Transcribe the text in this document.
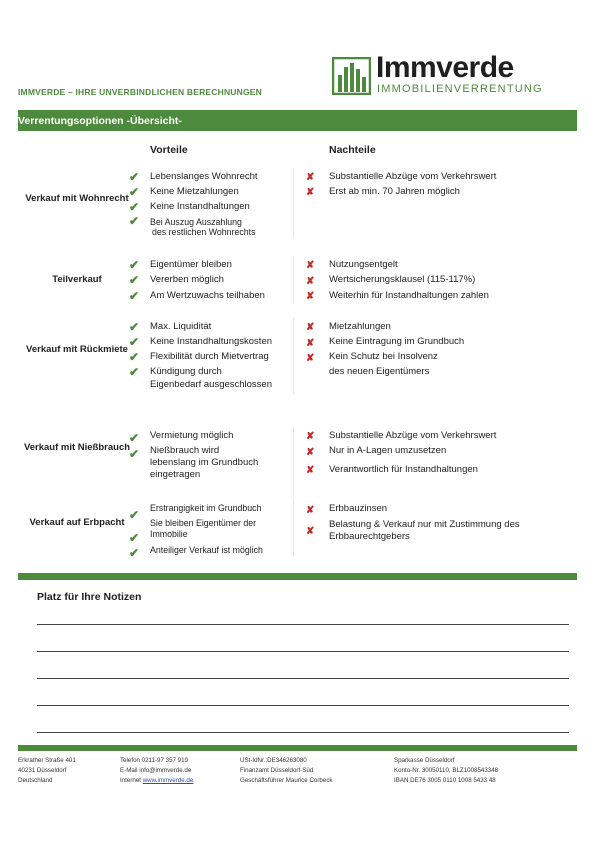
IMMVERDE – IHRE UNVERBINDLICHEN BERECHNUNGEN
Immverde
IMMOBILIENVERRENTUNG
Verrentungsoptionen -Übersicht-
Vorteile	Nachteile
Verkauf mit Wohnrecht
✔ Lebenslanges Wohnrecht
✔ Keine Mietzahlungen
✔ Keine Instandhaltungen
✔ Bei Auszug Auszahlung
des restlichen Wohnrechts
✘ Substantielle Abzüge vom Verkehrswert
✘ Erst ab min. 70 Jahren möglich
Teilverkauf
✔ Eigentümer bleiben
✔ Vererben möglich
✔ Am Wertzuwachs teilhaben
✘ Nutzungsentgelt
✘ Wertsicherungsklausel (115-117%)
✘ Weiterhin für Instandhaltungen zahlen
Verkauf mit Rückmiete
✔ Max. Liquidität
✔ Keine Instandhaltungskosten
✔ Flexibilität durch Mietvertrag
✔ Kündigung durch
Eigenbedarf ausgeschlossen
✘ Mietzahlungen
✘ Keine Eintragung im Grundbuch
✘ Kein Schutz bei Insolvenz
des neuen Eigentümers
Verkauf mit Nießbrauch
✔ Vermietung möglich
✔ Nießbrauch wird
lebenslang im Grundbuch
eingetragen
✘ Substantielle Abzüge vom Verkehrswert
✘ Nur in A-Lagen umzusetzen
✘ Verantwortlich für Instandhaltungen
Verkauf auf Erbpacht
✔ Erstrangigkeit im Grundbuch
Sie bleiben Eigentümer der
✔ Immobilie
✔ Anteiliger Verkauf ist möglich
✘ Erbbauzinsen
✘
Belastung & Verkauf nur mit Zustimmung des
Erbbaurechtgebers
Platz für Ihre Notizen
Erkrather Straße 401
40231 Düsseldorf
Deutschland
Telefon 0211-97 357 919
E-Mail info@immverde.de
Internet www.immverde.de
USt-IdNr.:DE346263080
Finanzamt Düsseldorf-Süd
Geschäftsführer Maurice Corbeck
Sparkasse Düsseldorf
Konto-Nr. 30050110, BLZ1008543348
IBAN DE76 3005 0110 1008 5433 48
